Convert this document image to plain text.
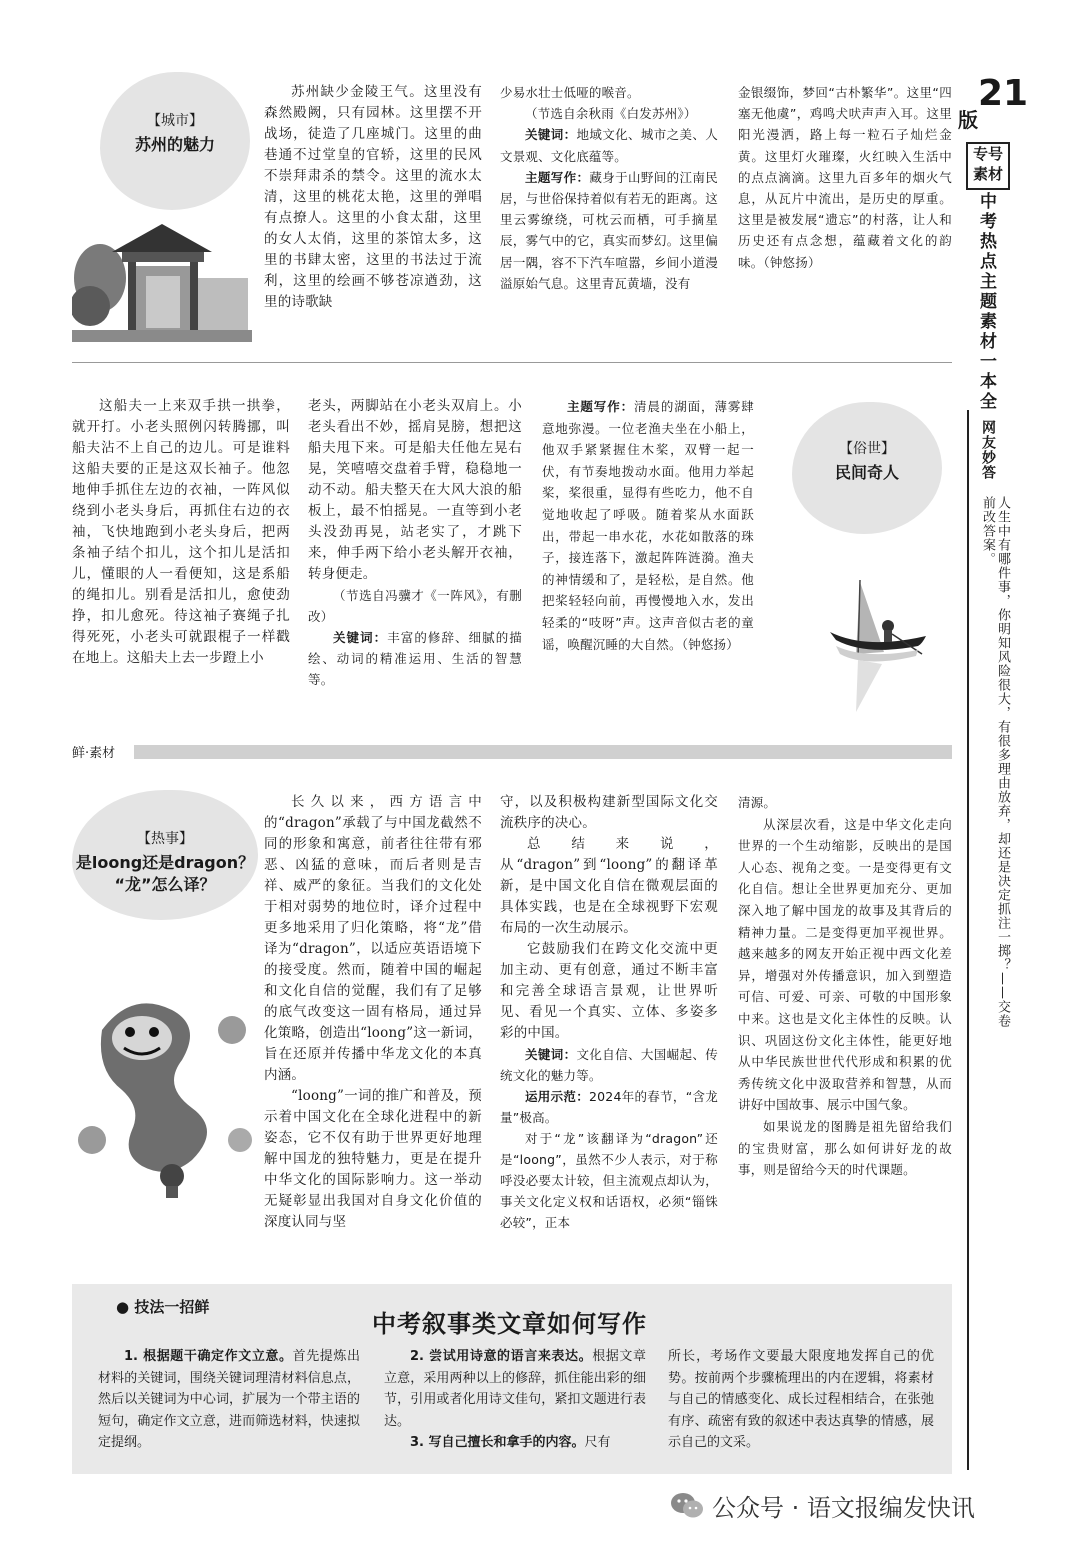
21
版
专号 素材
中考热点主题素材一本全
网友妙答
人生中有哪件事，你明知风险很大，有很多理由放弃，却还是决定抓注一掷？——交卷前改答案。
【城市】
苏州的魅力

苏州缺少金陵王气。这里没有森然殿阙，只有园林。这里摆不开战场，徒造了几座城门。这里的曲巷通不过堂皇的官轿，这里的民风不崇拜肃杀的禁令。这里的流水太清，这里的桃花太艳，这里的弹唱有点撩人。这里的小食太甜，这里的女人太俏，这里的茶馆太多，这里的书肆太密，这里的书法过于流利，这里的绘画不够苍凉遒劲，这里的诗歌缺

少易水壮士低哑的喉音。

（节选自余秋雨《白发苏州》）

关键词：地域文化、城市之美、人文景观、文化底蕴等。

主题写作：藏身于山野间的江南民居，与世俗保持着似有若无的距离。这里云雾缭绕，可枕云而栖，可手摘星辰，雾气中的它，真实而梦幻。这里偏居一隅，容不下汽车喧嚣，乡间小道漫溢原始气息。这里青瓦黄墙，没有

金银缀饰，梦回“古朴繁华”。这里“四塞无他虞”，鸡鸣犬吠声声入耳。这里阳光漫洒，路上每一粒石子灿烂金黄。这里灯火璀璨，火红映入生活中的点点滴滴。这里九百多年的烟火气息，从瓦片中流出，是历史的厚重。这里是被发展“遗忘”的村落，让人和历史还有点念想，蕴藏着文化的韵味。（钟悠扬）

这船夫一上来双手拱一拱拳，就开打。小老头照例闪转腾挪，叫船夫沾不上自己的边儿。可是谁料这船夫要的正是这双长袖子。他忽地伸手抓住左边的衣袖，一阵风似绕到小老头身后，再抓住右边的衣袖，飞快地跑到小老头身后，把两条袖子结个扣儿，这个扣儿是活扣儿，懂眼的人一看便知，这是系船的绳扣儿。别看是活扣儿，愈使劲挣，扣儿愈死。待这袖子赛绳子扎得死死，小老头可就跟棍子一样戳在地上。这船夫上去一步蹬上小

老头，两脚站在小老头双肩上。小老头看出不妙，摇肩晃膀，想把这船夫甩下来。可是船夫任他左晃右晃，笑嘻嘻交盘着手臂，稳稳地一动不动。船夫整天在大风大浪的船板上，最不怕摇晃。一直等到小老头没劲再晃，站老实了，才跳下来，伸手两下给小老头解开衣袖，转身便走。

（节选自冯骥才《一阵风》，有删改）

关键词：丰富的修辞、细腻的描绘、动词的精准运用、生活的智慧等。

主题写作：清晨的湖面，薄雾肆意地弥漫。一位老渔夫坐在小船上，他双手紧紧握住木桨，双臂一起一伏，有节奏地拨动水面。他用力举起桨，桨很重，显得有些吃力，他不自觉地收起了呼吸。随着桨从水面跃出，带起一串水花，水花如散落的珠子，接连落下，激起阵阵涟漪。渔夫的神情缓和了，是轻松，是自然。他把桨轻轻向前，再慢慢地入水，发出轻柔的“吱呀”声。这声音似古老的童谣，唤醒沉睡的大自然。（钟悠扬）

【俗世】
民间奇人
鲜·素材
【热事】
是loong还是dragon？
“龙”怎么译？

长久以来，西方语言中的“dragon”承载了与中国龙截然不同的形象和寓意，前者往往带有邪恶、凶猛的意味，而后者则是吉祥、威严的象征。当我们的文化处于相对弱势的地位时，译介过程中更多地采用了归化策略，将“龙”借译为“dragon”，以适应英语语境下的接受度。然而，随着中国的崛起和文化自信的觉醒，我们有了足够的底气改变这一固有格局，通过异化策略，创造出“loong”这一新词，旨在还原并传播中华龙文化的本真内涵。

“loong”一词的推广和普及，预示着中国文化在全球化进程中的新姿态，它不仅有助于世界更好地理解中国龙的独特魅力，更是在提升中华文化的国际影响力。这一举动无疑彰显出我国对自身文化价值的深度认同与坚

守，以及积极构建新型国际文化交流秩序的决心。

总结来说，从“dragon”到“loong”的翻译革新，是中国文化自信在微观层面的具体实践，也是在全球视野下宏观布局的一次生动展示。

它鼓励我们在跨文化交流中更加主动、更有创意，通过不断丰富和完善全球语言景观，让世界听见、看见一个真实、立体、多姿多彩的中国。

关键词：文化自信、大国崛起、传统文化的魅力等。

运用示范：2024年的春节，“含龙量”极高。

对于“龙”该翻译为“dragon”还是“loong”，虽然不少人表示，对于称呼没必要太计较，但主流观点却认为，事关文化定义权和话语权，必须“锱铢必较”，正本

清源。

从深层次看，这是中华文化走向世界的一个生动缩影，反映出的是国人心态、视角之变。一是变得更有文化自信。想让全世界更加充分、更加深入地了解中国龙的故事及其背后的精神力量。二是变得更加平视世界。越来越多的网友开始正视中西文化差异，增强对外传播意识，加入到塑造可信、可爱、可亲、可敬的中国形象中来。这也是文化主体性的反映。认识、巩固这份文化主体性，能更好地从中华民族世世代代形成和积累的优秀传统文化中汲取营养和智慧，从而讲好中国故事、展示中国气象。

如果说龙的图腾是祖先留给我们的宝贵财富，那么如何讲好龙的故事，则是留给今天的时代课题。

● 技法一招鲜
中考叙事类文章如何写作

1. 根据题干确定作文立意。首先提炼出材料的关键词，围绕关键词理清材料信息点，然后以关键词为中心词，扩展为一个带主语的短句，确定作文立意，进而筛选材料，快速拟定提纲。

2. 尝试用诗意的语言来表达。根据文章立意，采用两种以上的修辞，抓住能出彩的细节，引用或者化用诗文佳句，紧扣文题进行表达。

3. 写自己擅长和拿手的内容。尺有

所长，考场作文要最大限度地发挥自己的优势。按前两个步骤梳理出的内在逻辑，将素材与自己的情感变化、成长过程相结合，在张弛有序、疏密有致的叙述中表达真挚的情感，展示自己的文采。

公众号 · 语文报编发快讯
